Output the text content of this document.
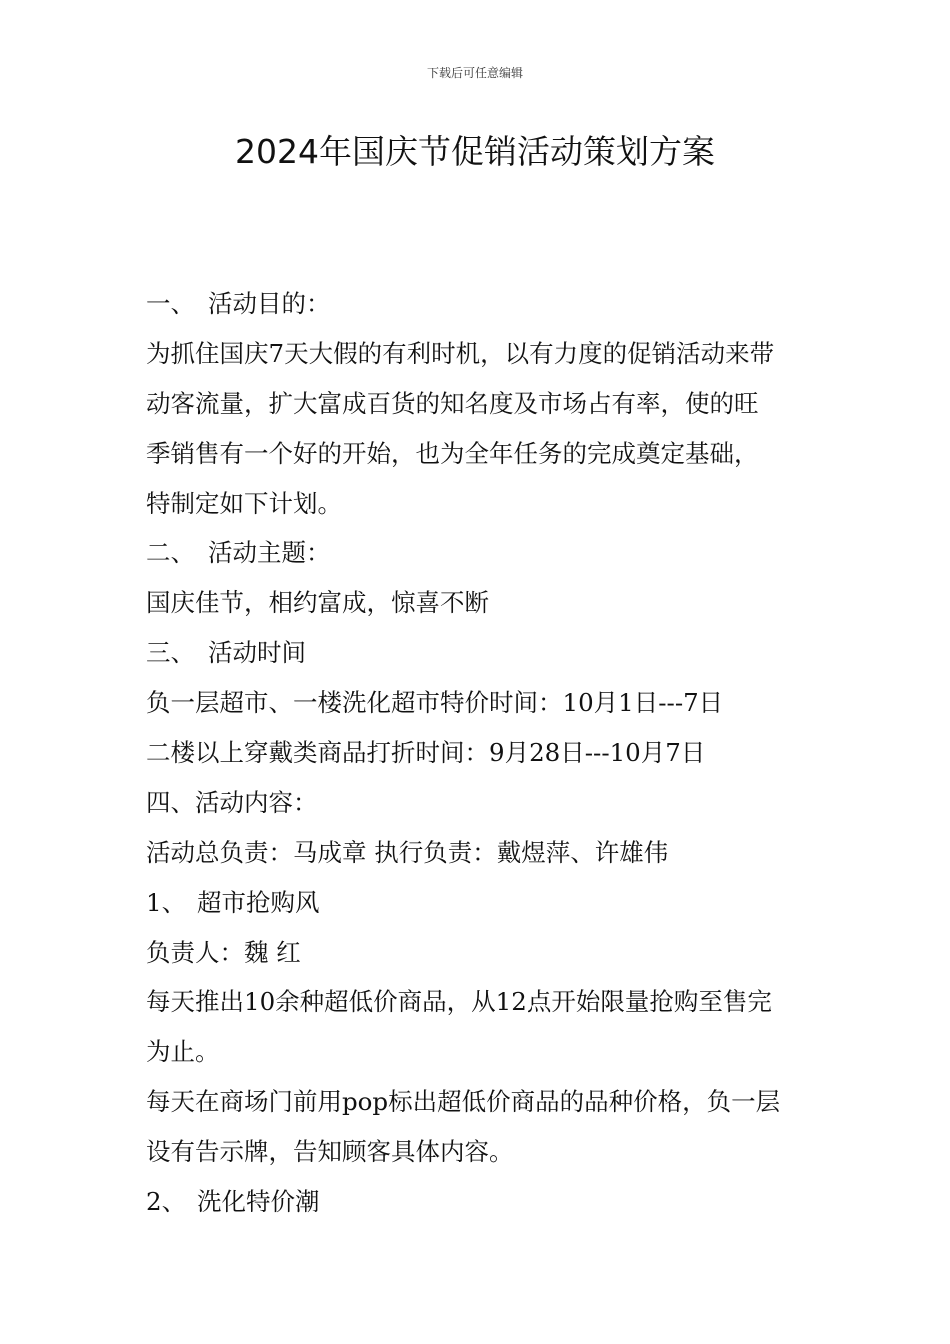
下载后可任意编辑
2024年国庆节促销活动策划方案
一、 活动目的：
为抓住国庆7天大假的有利时机，以有力度的促销活动来带
动客流量，扩大富成百货的知名度及市场占有率，使的旺
季销售有一个好的开始，也为全年任务的完成奠定基础，
特制定如下计划。
二、 活动主题：
国庆佳节，相约富成，惊喜不断
三、 活动时间
负一层超市、一楼洗化超市特价时间：10月1日---7日
二楼以上穿戴类商品打折时间：9月28日---10月7日
四、活动内容：
活动总负责：马成章 执行负责：戴煜萍、许雄伟
1、 超市抢购风
负责人：魏 红
每天推出10余种超低价商品，从12点开始限量抢购至售完
为止。
每天在商场门前用pop标出超低价商品的品种价格，负一层
设有告示牌，告知顾客具体内容。
2、 洗化特价潮
